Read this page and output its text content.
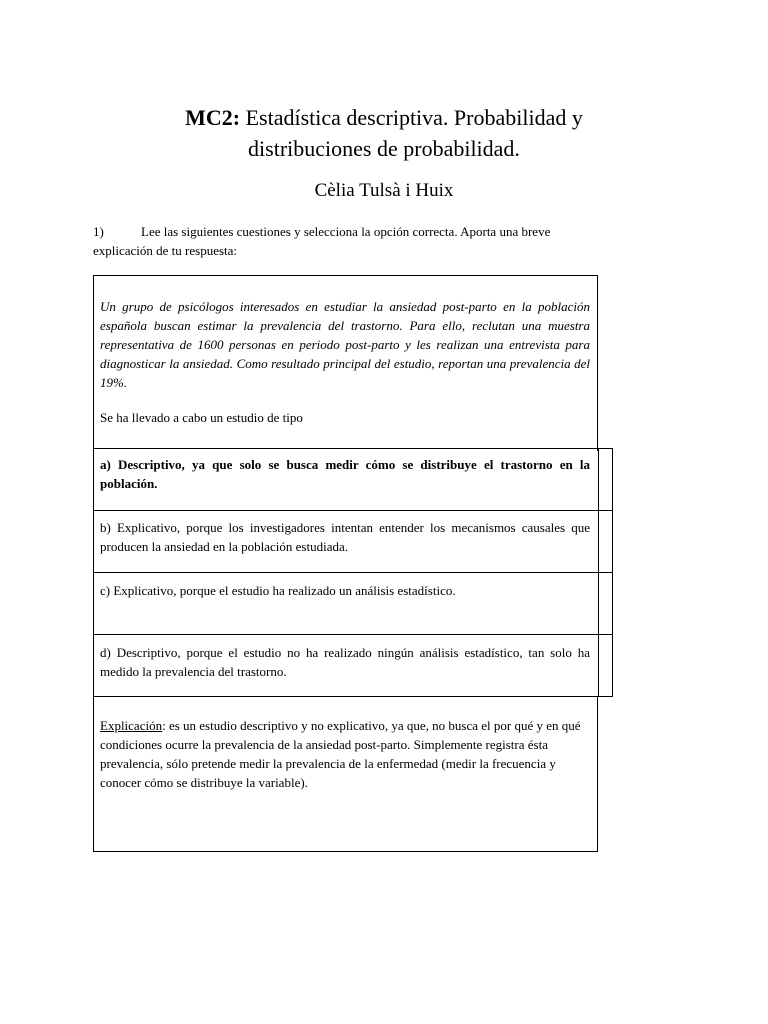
MC2: Estadística descriptiva. Probabilidad y
distribuciones de probabilidad.
Cèlia Tulsà i Huix
1)	Lee las siguientes cuestiones y selecciona la opción correcta. Aporta una breve
explicación de tu respuesta:
Un grupo de psicólogos interesados en estudiar la ansiedad post-parto en la población española buscan estimar la prevalencia del trastorno. Para ello, reclutan una muestra representativa de 1600 personas en periodo post-parto y les realizan una entrevista para diagnosticar la ansiedad. Como resultado principal del estudio, reportan una prevalencia del 19%.
Se ha llevado a cabo un estudio de tipo
a) Descriptivo, ya que solo se busca medir cómo se distribuye el trastorno en la población.
b) Explicativo, porque los investigadores intentan entender los mecanismos causales que producen la ansiedad en la población estudiada.
c) Explicativo, porque el estudio ha realizado un análisis estadístico.
d) Descriptivo, porque el estudio no ha realizado ningún análisis estadístico, tan solo ha medido la prevalencia del trastorno.
Explicación: es un estudio descriptivo y no explicativo, ya que, no busca el por qué y en qué condiciones ocurre la prevalencia de la ansiedad post-parto. Simplemente registra ésta prevalencia, sólo pretende medir la prevalencia de la enfermedad (medir la frecuencia y conocer cómo se distribuye la variable).
